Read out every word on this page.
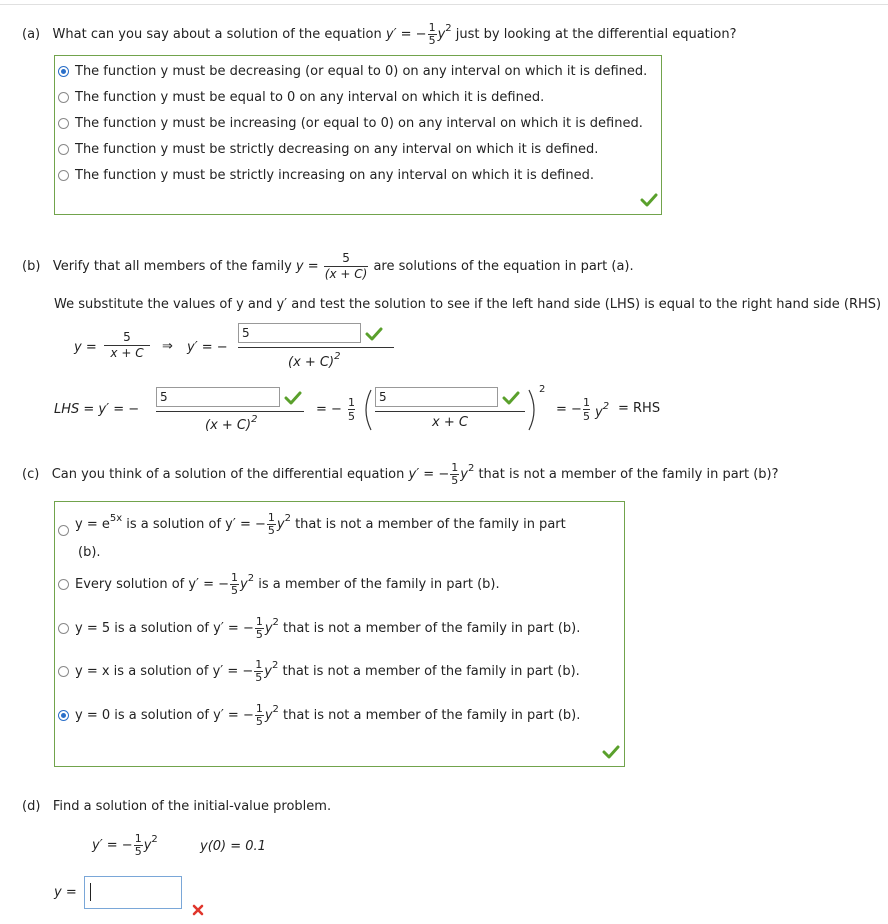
(a) What can you say about a solution of the equation y′ = − $\frac{1}{5} y^2$ just by looking at the differential equation?
The function y must be decreasing (or equal to 0) on any interval on which it is defined.
The function y must be equal to 0 on any interval on which it is defined.
The function y must be increasing (or equal to 0) on any interval on which it is defined.
The function y must be strictly decreasing on any interval on which it is defined.
The function y must be strictly increasing on any interval on which it is defined.
(b) Verify that all members of the family $y = \frac{5}{(x + C)}$ are solutions of the equation in part (a).
We substitute the values of y and y′ and test the solution to see if the left hand side (LHS) is equal to the right hand side (RHS)
y =
5
x + C	⇒ y′ = −
5
$(x + C)^2$
LHS = y′ = −
5
$(x + C)^2$
= − 1
5
5
x + C
2
= − 1
5 $y^2$ = RHS
(c) Can you think of a solution of the differential equation y′ = − $\frac{1}{5} y^2$ that is not a member of the family in part (b)?
$y = e^{5x}$ is a solution of y′ = − $\frac{1}{5} y^2$ that is not a member of the family in part
(b).
Every solution of y′ = − $\frac{1}{5} y^2$ is a member of the family in part (b).
y = 5 is a solution of y′ = − $\frac{1}{5} y^2$ that is not a member of the family in part (b).
y = x is a solution of y′ = − $\frac{1}{5} y^2$ that is not a member of the family in part (b).
y = 0 is a solution of y′ = − $\frac{1}{5} y^2$ that is not a member of the family in part (b).
(d) Find a solution of the initial-value problem.
y′ = − $\frac{1}{5} y^2$	y(0) = 0.1
y =
